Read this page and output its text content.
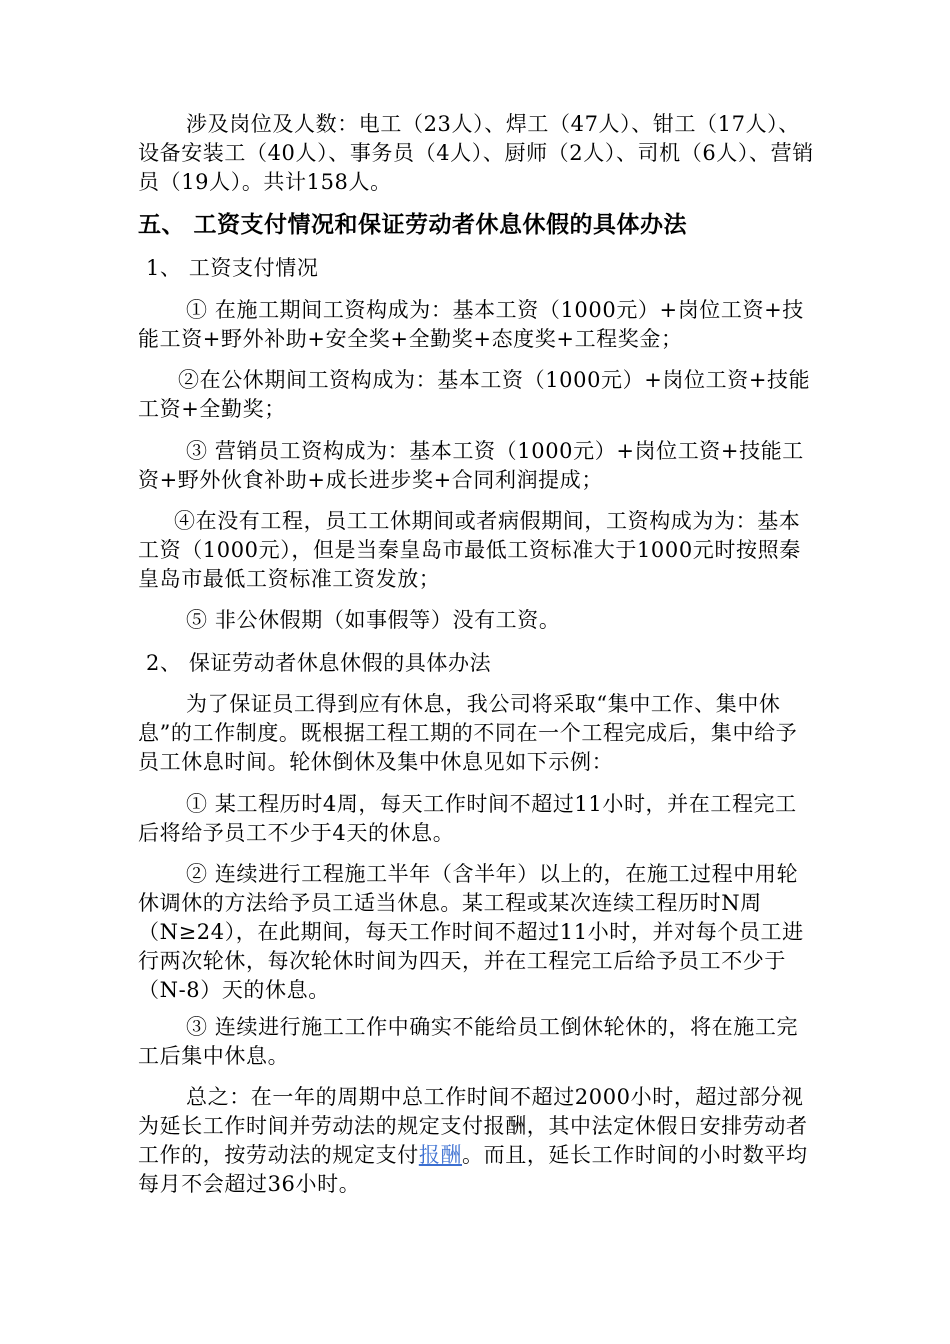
涉及岗位及人数：电工（23人）、焊工（47人）、钳工（17人）、设备安装工（40人）、事务员（4人）、厨师（2人）、司机（6人）、营销员（19人）。共计158人。

五、 工资支付情况和保证劳动者休息休假的具体办法

1、 工资支付情况

① 在施工期间工资构成为：基本工资（1000元）+岗位工资+技能工资+野外补助+安全奖+全勤奖+态度奖+工程奖金；

②在公休期间工资构成为：基本工资（1000元）+岗位工资+技能工资+全勤奖；

③ 营销员工资构成为：基本工资（1000元）+岗位工资+技能工资+野外伙食补助+成长进步奖+合同利润提成；

④在没有工程，员工工休期间或者病假期间，工资构成为为：基本工资（1000元），但是当秦皇岛市最低工资标准大于1000元时按照秦皇岛市最低工资标准工资发放；

⑤ 非公休假期（如事假等）没有工资。

2、 保证劳动者休息休假的具体办法

为了保证员工得到应有休息，我公司将采取“集中工作、集中休息”的工作制度。既根据工程工期的不同在一个工程完成后，集中给予员工休息时间。轮休倒休及集中休息见如下示例：

① 某工程历时4周，每天工作时间不超过11小时，并在工程完工后将给予员工不少于4天的休息。

② 连续进行工程施工半年（含半年）以上的，在施工过程中用轮休调休的方法给予员工适当休息。某工程或某次连续工程历时N周（N≥24），在此期间，每天工作时间不超过11小时，并对每个员工进行两次轮休，每次轮休时间为四天，并在工程完工后给予员工不少于（N-8）天的休息。

③ 连续进行施工工作中确实不能给员工倒休轮休的，将在施工完工后集中休息。

总之：在一年的周期中总工作时间不超过2000小时，超过部分视为延长工作时间并劳动法的规定支付报酬，其中法定休假日安排劳动者工作的，按劳动法的规定支付报酬。而且，延长工作时间的小时数平均每月不会超过36小时。
